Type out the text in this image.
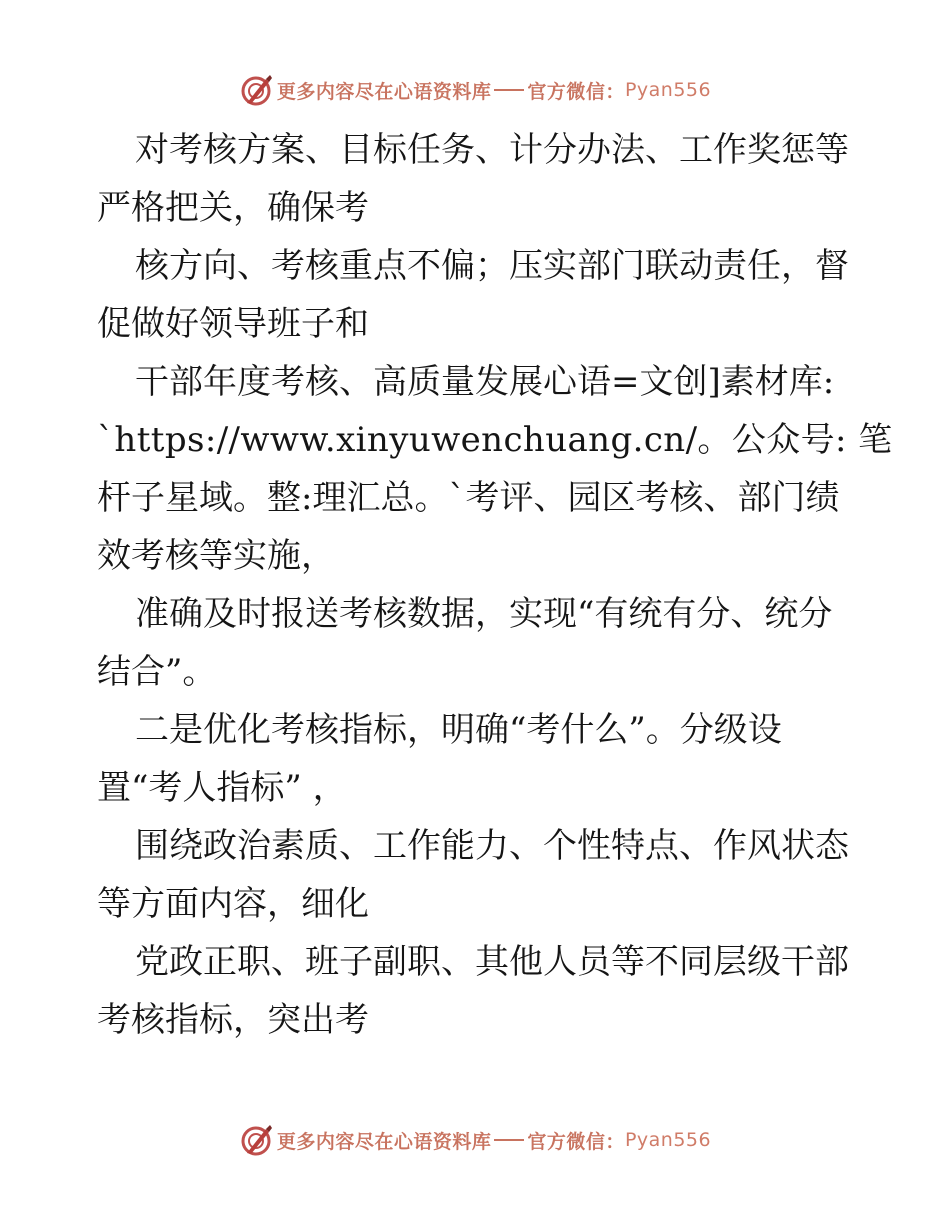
更多内容尽在心语资料库 官方微信： Pyan556
对考核方案、目标任务、计分办法、工作奖惩等
严格把关，确保考
核方向、考核重点不偏；压实部门联动责任，督
促做好领导班子和
干部年度考核、高质量发展心语=文创]素材库:
`https://www.xinyuwenchuang.cn/。公众号: 笔
杆子星域。整:理汇总。`考评、园区考核、部门绩
效考核等实施，
准确及时报送考核数据，实现“有统有分、统分
结合”。
二是优化考核指标，明确“考什么”。分级设
置“考人指标” ，
围绕政治素质、工作能力、个性特点、作风状态
等方面内容，细化
党政正职、班子副职、其他人员等不同层级干部
考核指标，突出考
更多内容尽在心语资料库 官方微信： Pyan556
